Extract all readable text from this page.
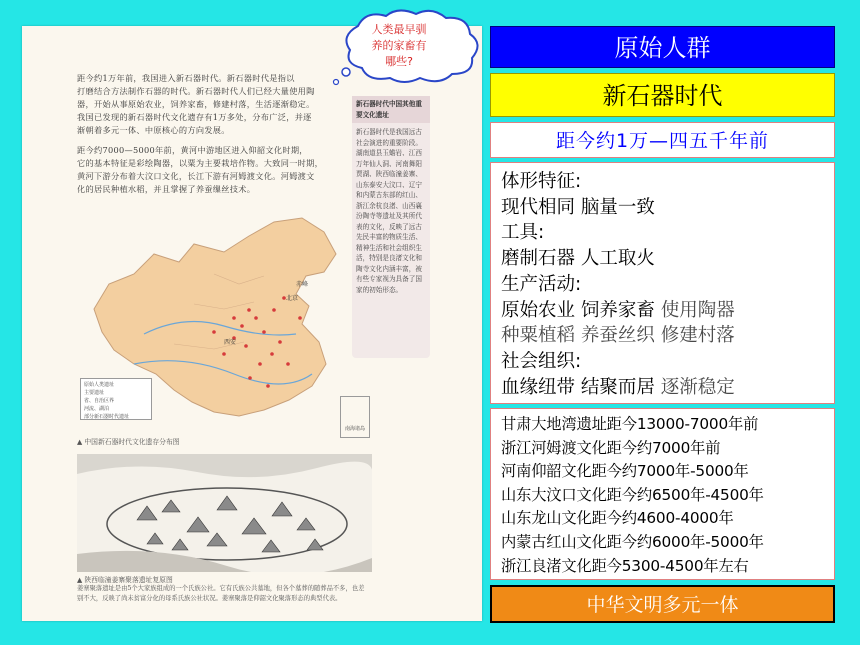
距今约1万年前，我国进入新石器时代。新石器时代是指以
打磨结合方法制作石器的时代。新石器时代人们已经大量使用陶
器，开始从事原始农业，饲养家畜，修建村落，生活逐渐稳定。
我国已发现的新石器时代文化遗存有1万多处，分布广泛，并逐
渐朝着多元一体、中原核心的方向发展。
距今约7000—5000年前，黄河中游地区进入仰韶文化时期，
它的基本特征是彩绘陶器，以粟为主要栽培作物。大致同一时期，
黄河下游分布着大汶口文化，长江下游有河姆渡文化。河姆渡文
化的居民种植水稻，并且掌握了养蚕缫丝技术。
新石器时代中国其他重要文化遗址
新石器时代是我国远古社会演进的重要阶段。湖南道县玉蟾岩、江西万年仙人洞、河南舞阳贾湖、陕西临潼姜寨、山东泰安大汶口、辽宁和内蒙古东部的红山、浙江余杭良渚、山西襄汾陶寺等遗址及其所代表的文化，反映了远古先民丰富的物质生活、精神生活和社会组织生活，特别是良渚文化和陶寺文化内涵丰富，被有些专家视为具备了国家的初始形态。
北京
赤峰
西安
原始人类遗址
主要遗址
省、自治区界
河流、湖泊
部分新石器时代遗址
南海诸岛
▲ 中国新石器时代文化遗存分布图
▲ 陕西临潼姜寨聚落遗址复原图
姜寨聚落遗址是由5个大家族组成的一个氏族公社。它有氏族公共墓地，但各个墓葬的随葬品不多，也差别不大，反映了尚未贫富分化的母系氏族公社状况。姜寨聚落是仰韶文化聚落形态的典型代表。
人类最早驯
养的家畜有
哪些?	原始人群
新石器时代
距今约1万—四五千年前
体形特征:
现代相同 脑量一致
工具:
磨制石器 人工取火
生产活动:
原始农业 饲养家畜 使用陶器
种粟植稻 养蚕丝织 修建村落
社会组织:
血缘纽带 结聚而居 逐渐稳定
甘肃大地湾遗址距今13000-7000年前
浙江河姆渡文化距今约7000年前
河南仰韶文化距今约7000年-5000年
山东大汶口文化距今约6500年-4500年
山东龙山文化距今约4600-4000年
内蒙古红山文化距今约6000年-5000年
浙江良渚文化距今5300-4500年左右
中华文明多元一体
